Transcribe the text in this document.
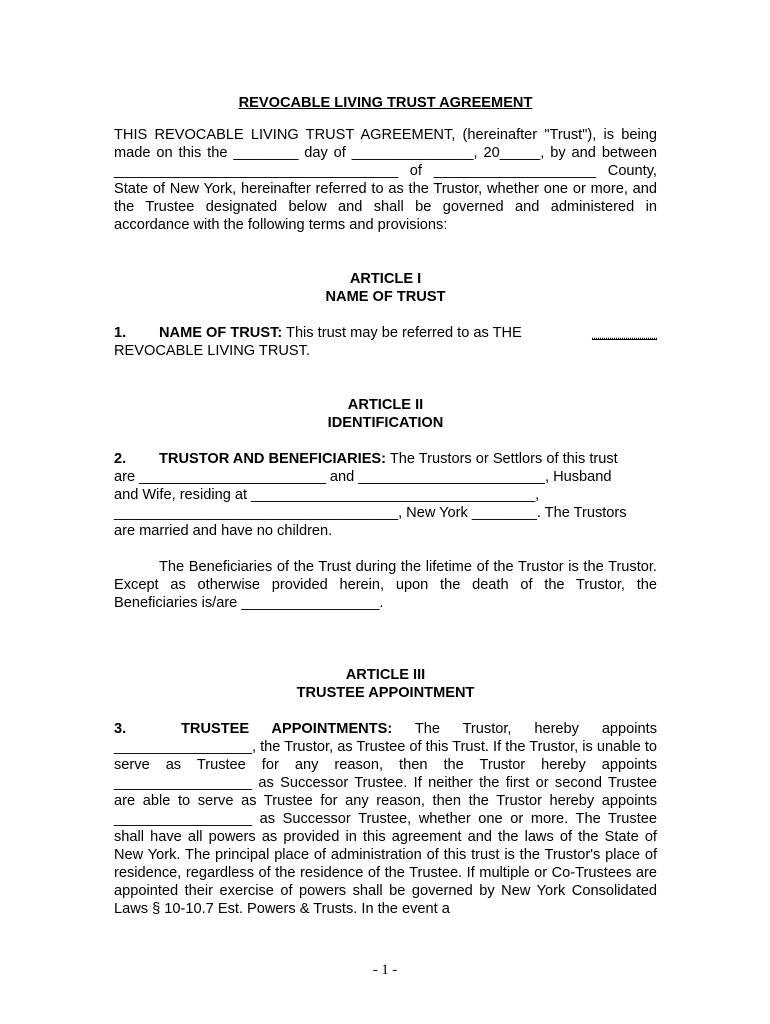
REVOCABLE LIVING TRUST AGREEMENT

THIS REVOCABLE LIVING TRUST AGREEMENT, (hereinafter "Trust"), is being made on this the ________ day of _______________, 20_____, by and between ___________________________________ of ____________________ County, State of New York, hereinafter referred to as the Trustor, whether one or more, and the Trustee designated below and shall be governed and administered in accordance with the following terms and provisions:

ARTICLE I
NAME OF TRUST
1. NAME OF TRUST: This trust may be referred to as THE	________
REVOCABLE LIVING TRUST.
ARTICLE II
IDENTIFICATION
2. TRUSTOR AND BENEFICIARIES: The Trustors or Settlors of this trust
are _______________________ and _______________________, Husband
and Wife, residing at ___________________________________,
___________________________________, New York ________. The Trustors
are married and have no children.

The Beneficiaries of the Trust during the lifetime of the Trustor is the Trustor. Except as otherwise provided herein, upon the death of the Trustor, the Beneficiaries is/are _________________.

ARTICLE III
TRUSTEE APPOINTMENT
3.	TRUSTEE APPOINTMENTS: The Trustor, hereby appoints _________________, the Trustor, as Trustee of this Trust. If the Trustor, is unable to serve as Trustee for any reason, then the Trustor hereby appoints _________________ as Successor Trustee. If neither the first or second Trustee are able to serve as Trustee for any reason, then the Trustor hereby appoints _________________ as Successor Trustee, whether one or more. The Trustee shall have all powers as provided in this agreement and the laws of the State of New York. The principal place of administration of this trust is the Trustor's place of residence, regardless of the residence of the Trustee. If multiple or Co-Trustees are appointed their exercise of powers shall be governed by New York Consolidated Laws § 10-10.7 Est. Powers & Trusts. In the event a
- 1 -
